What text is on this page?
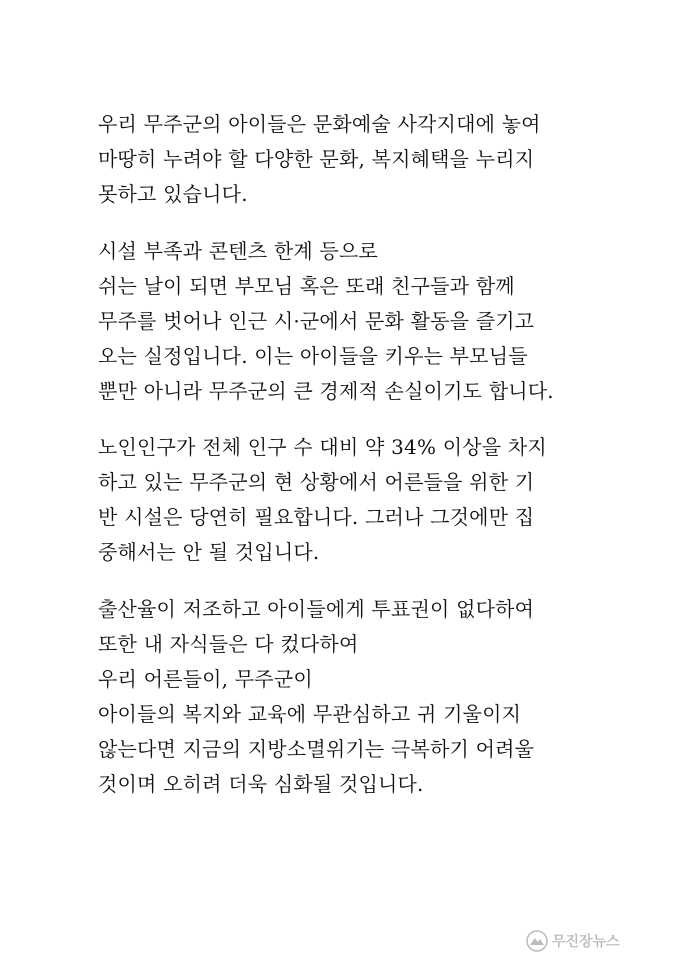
우리 무주군의 아이들은 문화예술 사각지대에 놓여
마땅히 누려야 할 다양한 문화, 복지혜택을 누리지
못하고 있습니다.
시설 부족과 콘텐츠 한계 등으로
쉬는 날이 되면 부모님 혹은 또래 친구들과 함께
무주를 벗어나 인근 시·군에서 문화 활동을 즐기고
오는 실정입니다. 이는 아이들을 키우는 부모님들
뿐만 아니라 무주군의 큰 경제적 손실이기도 합니다.
노인인구가 전체 인구 수 대비 약 34% 이상을 차지
하고 있는 무주군의 현 상황에서 어른들을 위한 기
반 시설은 당연히 필요합니다. 그러나 그것에만 집
중해서는 안 될 것입니다.
출산율이 저조하고 아이들에게 투표권이 없다하여
또한 내 자식들은 다 컸다하여
우리 어른들이, 무주군이
아이들의 복지와 교육에 무관심하고 귀 기울이지
않는다면 지금의 지방소멸위기는 극복하기 어려울
것이며 오히려 더욱 심화될 것입니다.
무진장뉴스
